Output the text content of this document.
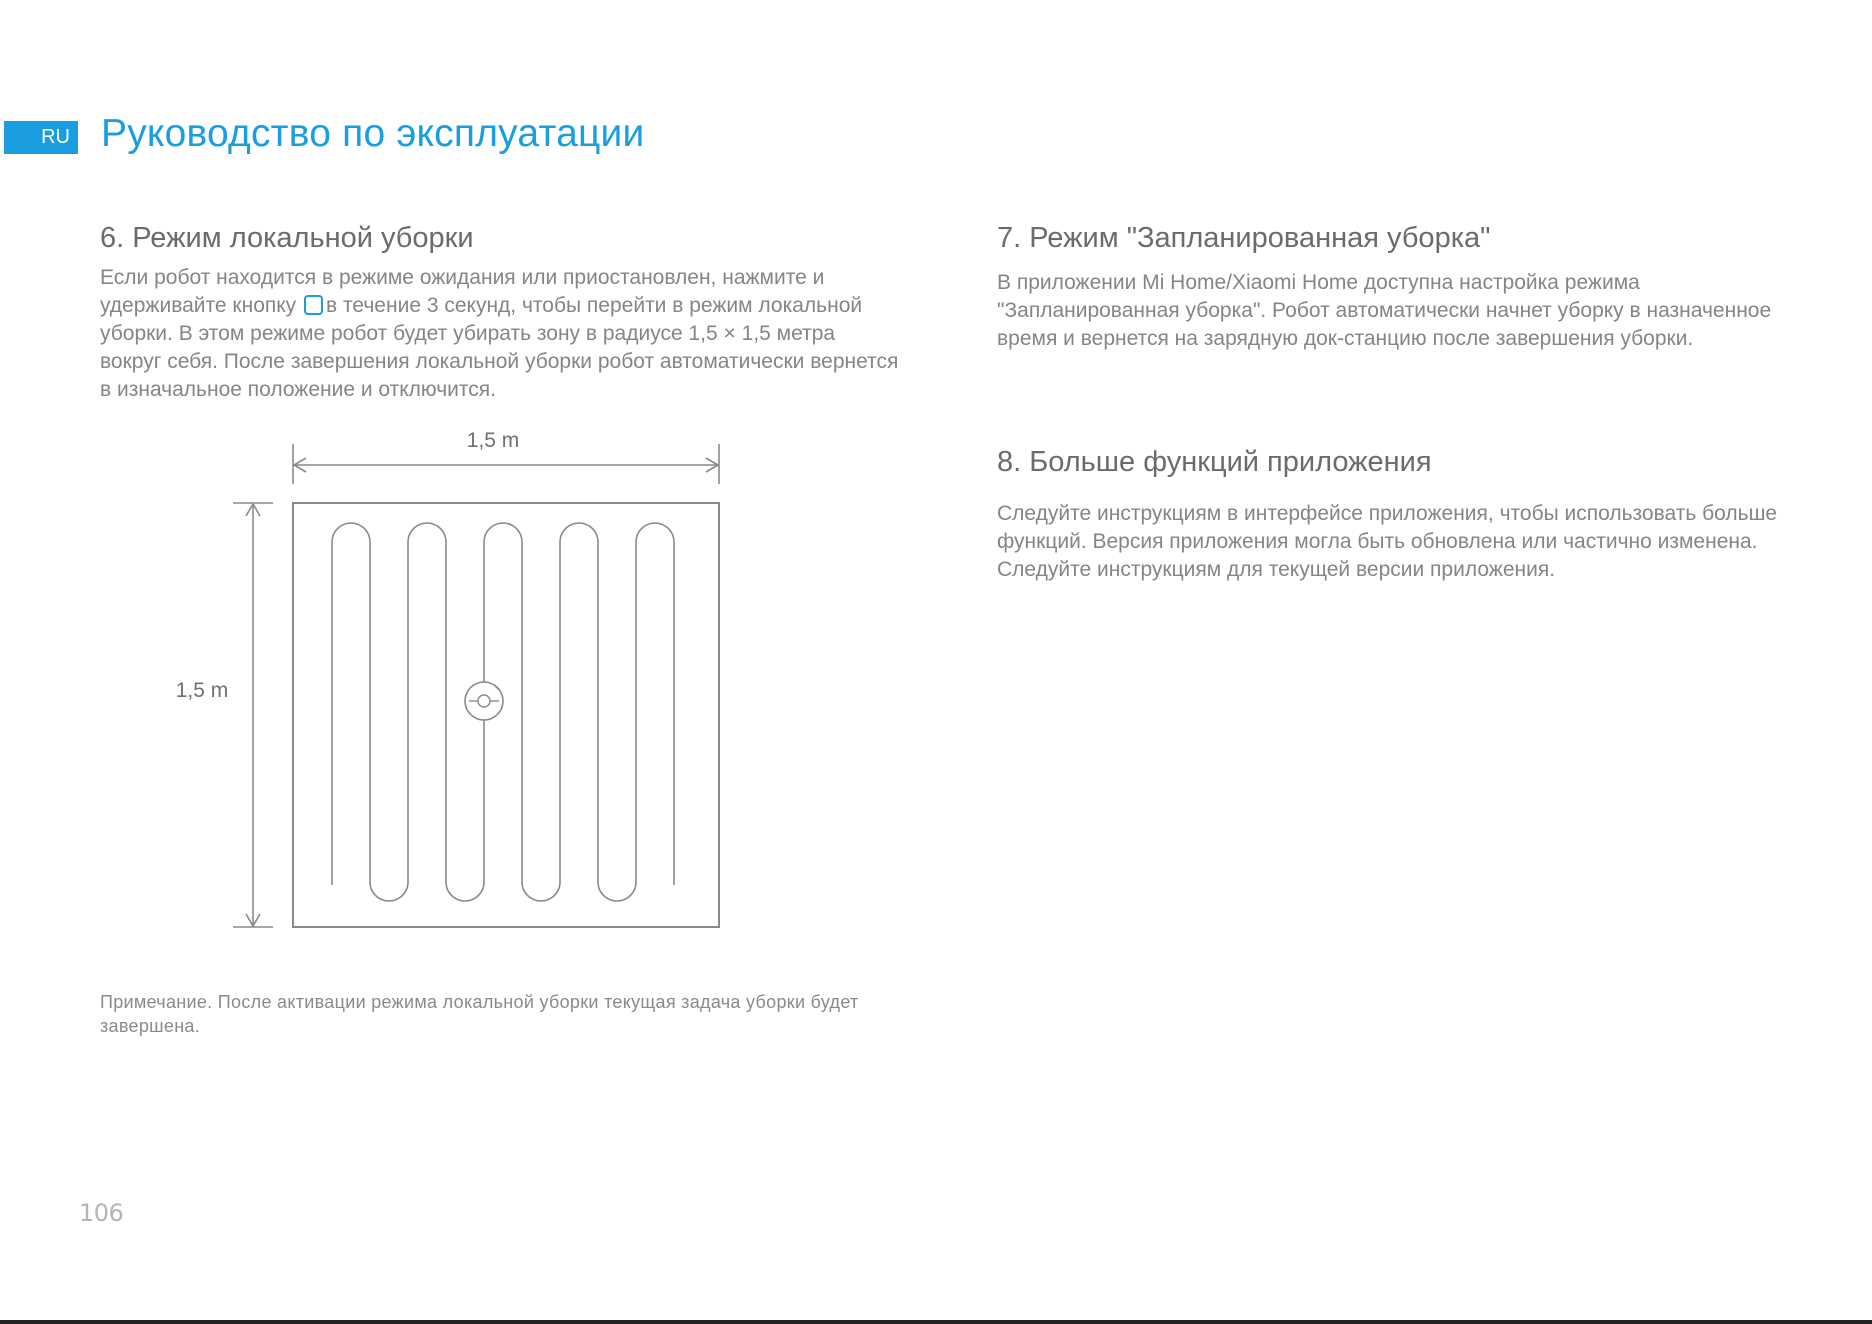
RU Руководство по эксплуатации
6. Режим локальной уборки

Если робот находится в режиме ожидания или приостановлен, нажмите и удерживайте кнопку в течение 3 секунд, чтобы перейти в режим локальной уборки. В этом режиме робот будет убирать зону в радиусе 1,5 × 1,5 метра вокруг себя. После завершения локальной уборки робот автоматически вернется в изначальное положение и отключится.

1,5 m
1,5 m

Примечание. После активации режима локальной уборки текущая задача уборки будет завершена.

7. Режим "Запланированная уборка"

В приложении Mi Home/Xiaomi Home доступна настройка режима "Запланированная уборка". Робот автоматически начнет уборку в назначенное время и вернется на зарядную док-станцию после завершения уборки.

8. Больше функций приложения

Следуйте инструкциям в интерфейсе приложения, чтобы использовать больше функций. Версия приложения могла быть обновлена или частично изменена. Следуйте инструкциям для текущей версии приложения.

106
